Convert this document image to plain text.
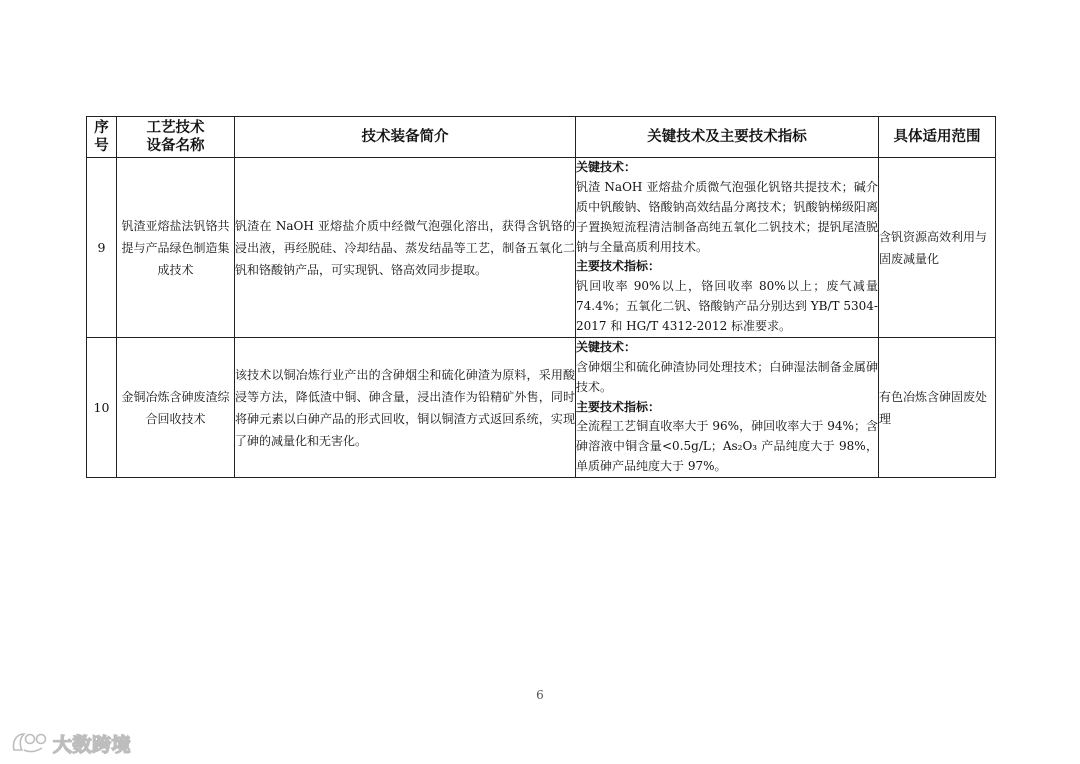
序
号	工艺技术
设备名称	技术装备简介	关键技术及主要技术指标	具体适用范围
9	钒渣亚熔盐法钒铬共提与产品绿色制造集成技术	钒渣在 NaOH 亚熔盐介质中经微气泡强化溶出，获得含钒铬的浸出液，再经脱硅、冷却结晶、蒸发结晶等工艺，制备五氧化二钒和铬酸钠产品，可实现钒、铬高效同步提取。	关键技术：
钒渣 NaOH 亚熔盐介质微气泡强化钒铬共提技术；碱介质中钒酸钠、铬酸钠高效结晶分离技术；钒酸钠梯级阳离子置换短流程清洁制备高纯五氧化二钒技术；提钒尾渣脱钠与全量高质利用技术。
主要技术指标：
钒回收率 90%以上，铬回收率 80%以上；废气减量 74.4%；五氧化二钒、铬酸钠产品分别达到 YB/T 5304-2017 和 HG/T 4312-2012 标准要求。	含钒资源高效利用与固废减量化
10	金铜冶炼含砷废渣综合回收技术	该技术以铜冶炼行业产出的含砷烟尘和硫化砷渣为原料，采用酸浸等方法，降低渣中铜、砷含量，浸出渣作为铅精矿外售，同时将砷元素以白砷产品的形式回收，铜以铜渣方式返回系统，实现了砷的减量化和无害化。	关键技术：
含砷烟尘和硫化砷渣协同处理技术；白砷湿法制备金属砷技术。
主要技术指标：
全流程工艺铜直收率大于 96%，砷回收率大于 94%；含砷溶液中铜含量<0.5g/L；As₂O₃ 产品纯度大于 98%，单质砷产品纯度大于 97%。	有色冶炼含砷固废处理
6
大数跨境
